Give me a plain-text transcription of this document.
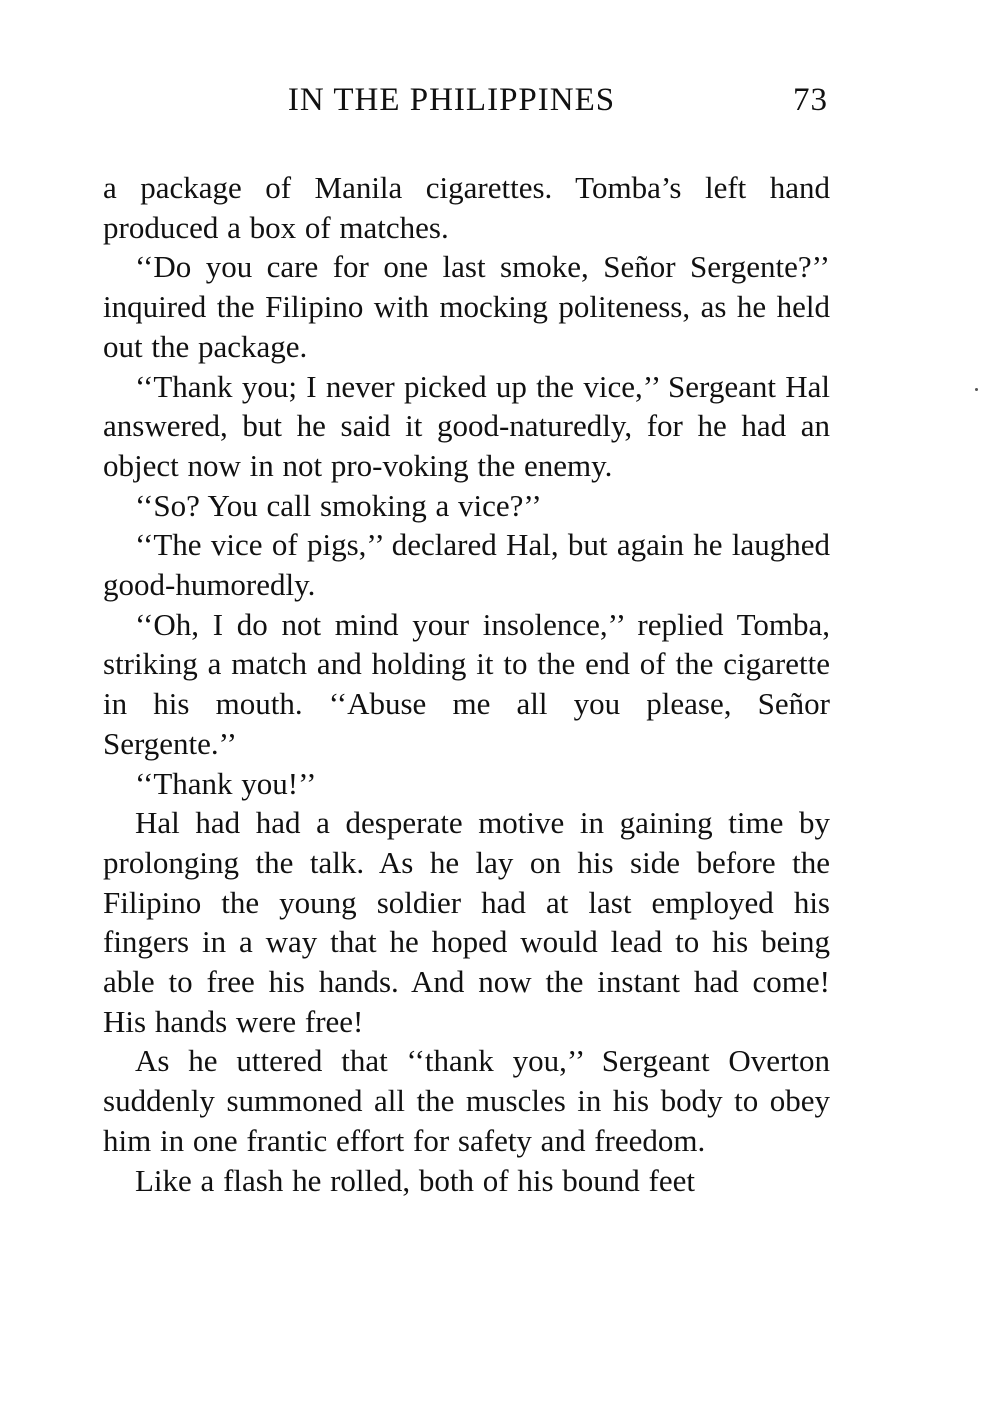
IN THE PHILIPPINES	73

a package of Manila cigarettes. Tomba’s left hand produced a box of matches.

‘‘Do you care for one last smoke, Señor Sergente?’’ inquired the Filipino with mocking politeness, as he held out the package.

‘‘Thank you; I never picked up the vice,’’ Sergeant Hal answered, but he said it good-naturedly, for he had an object now in not pro-voking the enemy.

‘‘So? You call smoking a vice?’’

‘‘The vice of pigs,’’ declared Hal, but again he laughed good-humoredly.

‘‘Oh, I do not mind your insolence,’’ replied Tomba, striking a match and holding it to the end of the cigarette in his mouth. ‘‘Abuse me all you please, Señor Sergente.’’

‘‘Thank you!’’

Hal had had a desperate motive in gaining time by prolonging the talk. As he lay on his side before the Filipino the young soldier had at last employed his fingers in a way that he hoped would lead to his being able to free his hands. And now the instant had come! His hands were free!

As he uttered that ‘‘thank you,’’ Sergeant Overton suddenly summoned all the muscles in his body to obey him in one frantic effort for safety and freedom.

Like a flash he rolled, both of his bound feet
